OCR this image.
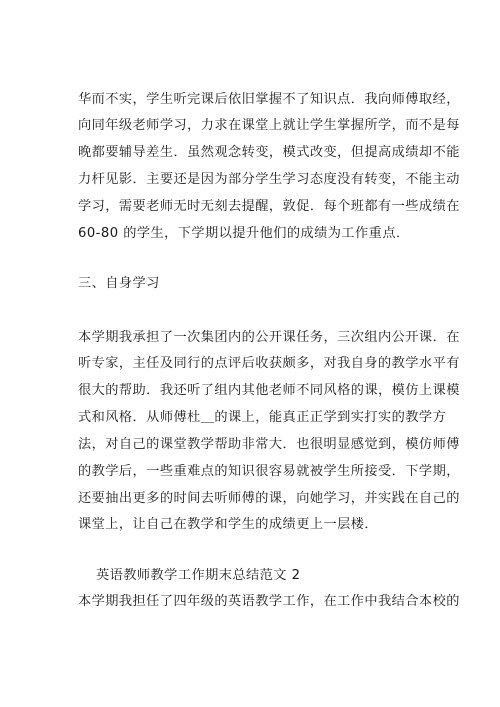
华而不实，学生听完课后依旧掌握不了知识点．我向师傅取经，
向同年级老师学习，力求在课堂上就让学生掌握所学，而不是每
晚都要辅导差生．虽然观念转变，模式改变，但提高成绩却不能
力杆见影．主要还是因为部分学生学习态度没有转变，不能主动
学习，需要老师无时无刻去提醒，敦促．每个班都有一些成绩在
60-80 的学生，下学期以提升他们的成绩为工作重点．
三、自身学习
本学期我承担了一次集团内的公开课任务，三次组内公开课．在
听专家，主任及同行的点评后收获颇多，对我自身的教学水平有
很大的帮助．我还听了组内其他老师不同风格的课，模仿上课模
式和风格．从师傅杜＿的课上，能真正正学到实打实的教学方
法，对自己的课堂教学帮助非常大．也很明显感觉到，模仿师傅
的教学后，一些重难点的知识很容易就被学生所接受．下学期，
还要抽出更多的时间去听师傅的课，向她学习，并实践在自己的
课堂上，让自己在教学和学生的成绩更上一层楼．
英语教师教学工作期末总结范文 2
本学期我担任了四年级的英语教学工作，在工作中我结合本校的
